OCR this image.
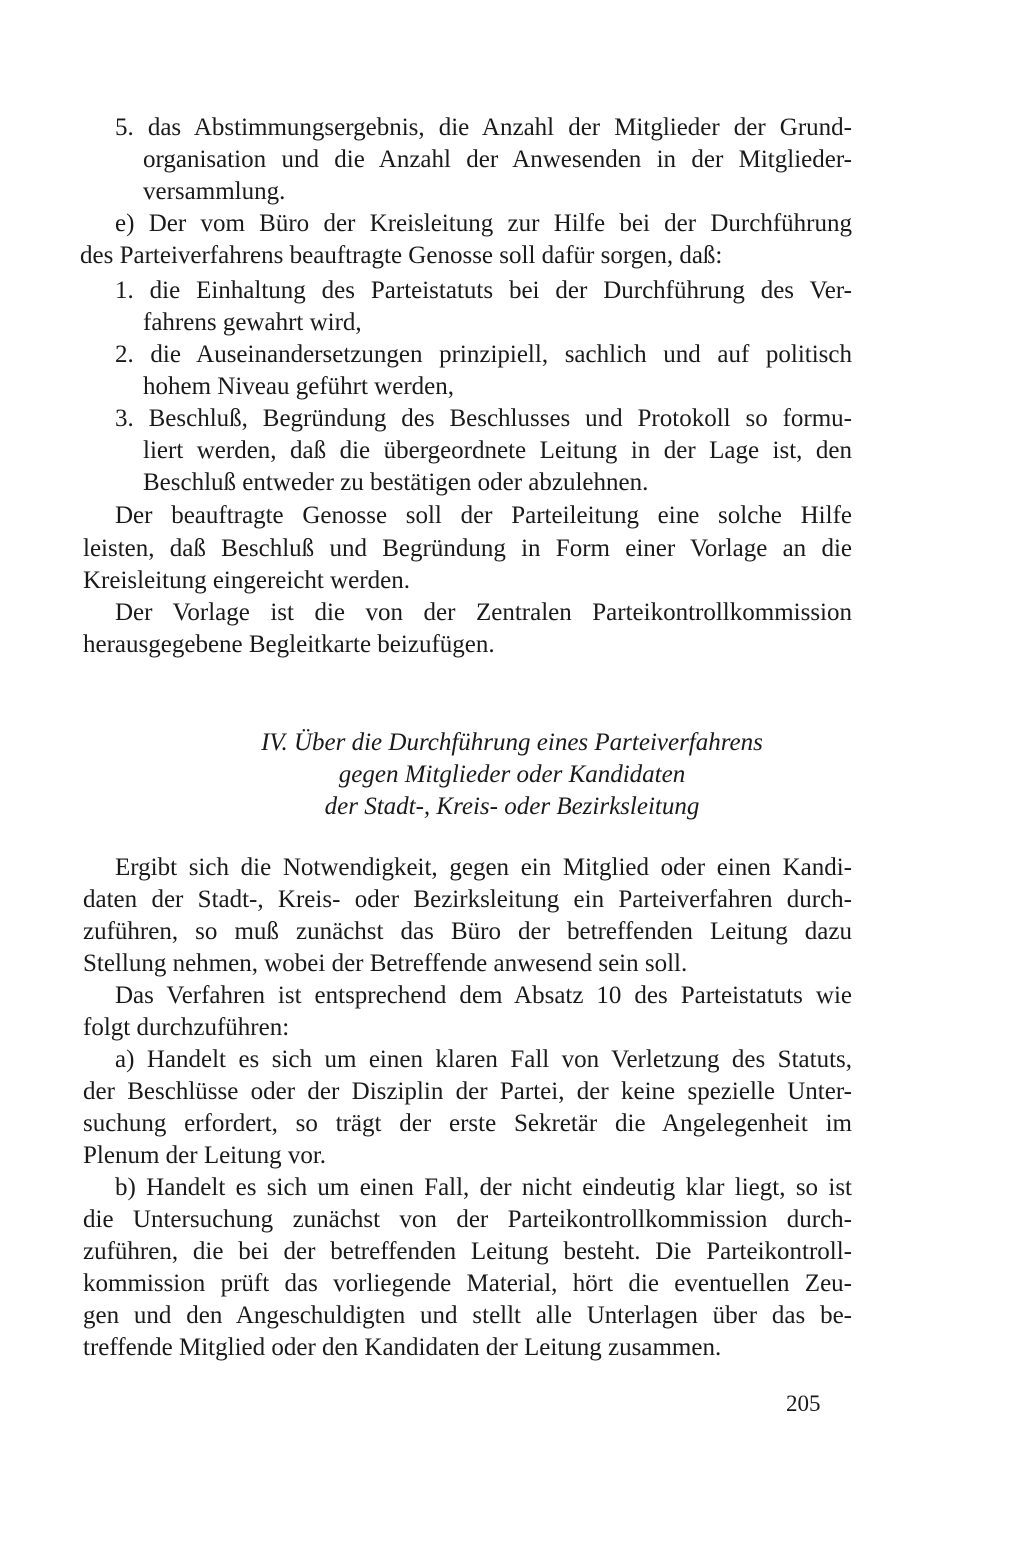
5. das Abstimmungsergebnis, die Anzahl der Mitglieder der Grund-
organisation und die Anzahl der Anwesenden in der Mitglieder-
versammlung.
e) Der vom Büro der Kreisleitung zur Hilfe bei der Durchführung
des Parteiverfahrens beauftragte Genosse soll dafür sorgen, daß:
1. die Einhaltung des Parteistatuts bei der Durchführung des Ver-
fahrens gewahrt wird,
2. die Auseinandersetzungen prinzipiell, sachlich und auf politisch
hohem Niveau geführt werden,
3. Beschluß, Begründung des Beschlusses und Protokoll so formu-
liert werden, daß die übergeordnete Leitung in der Lage ist, den
Beschluß entweder zu bestätigen oder abzulehnen.
Der beauftragte Genosse soll der Parteileitung eine solche Hilfe
leisten, daß Beschluß und Begründung in Form einer Vorlage an die
Kreisleitung eingereicht werden.
Der Vorlage ist die von der Zentralen Parteikontrollkommission
herausgegebene Begleitkarte beizufügen.
IV. Über die Durchführung eines Parteiverfahrens
gegen Mitglieder oder Kandidaten
der Stadt-, Kreis- oder Bezirksleitung
Ergibt sich die Notwendigkeit, gegen ein Mitglied oder einen Kandi-
daten der Stadt-, Kreis- oder Bezirksleitung ein Parteiverfahren durch-
zuführen, so muß zunächst das Büro der betreffenden Leitung dazu
Stellung nehmen, wobei der Betreffende anwesend sein soll.
Das Verfahren ist entsprechend dem Absatz 10 des Parteistatuts wie
folgt durchzuführen:
a) Handelt es sich um einen klaren Fall von Verletzung des Statuts,
der Beschlüsse oder der Disziplin der Partei, der keine spezielle Unter-
suchung erfordert, so trägt der erste Sekretär die Angelegenheit im
Plenum der Leitung vor.
b) Handelt es sich um einen Fall, der nicht eindeutig klar liegt, so ist
die Untersuchung zunächst von der Parteikontrollkommission durch-
zuführen, die bei der betreffenden Leitung besteht. Die Parteikontroll-
kommission prüft das vorliegende Material, hört die eventuellen Zeu-
gen und den Angeschuldigten und stellt alle Unterlagen über das be-
treffende Mitglied oder den Kandidaten der Leitung zusammen.
205
